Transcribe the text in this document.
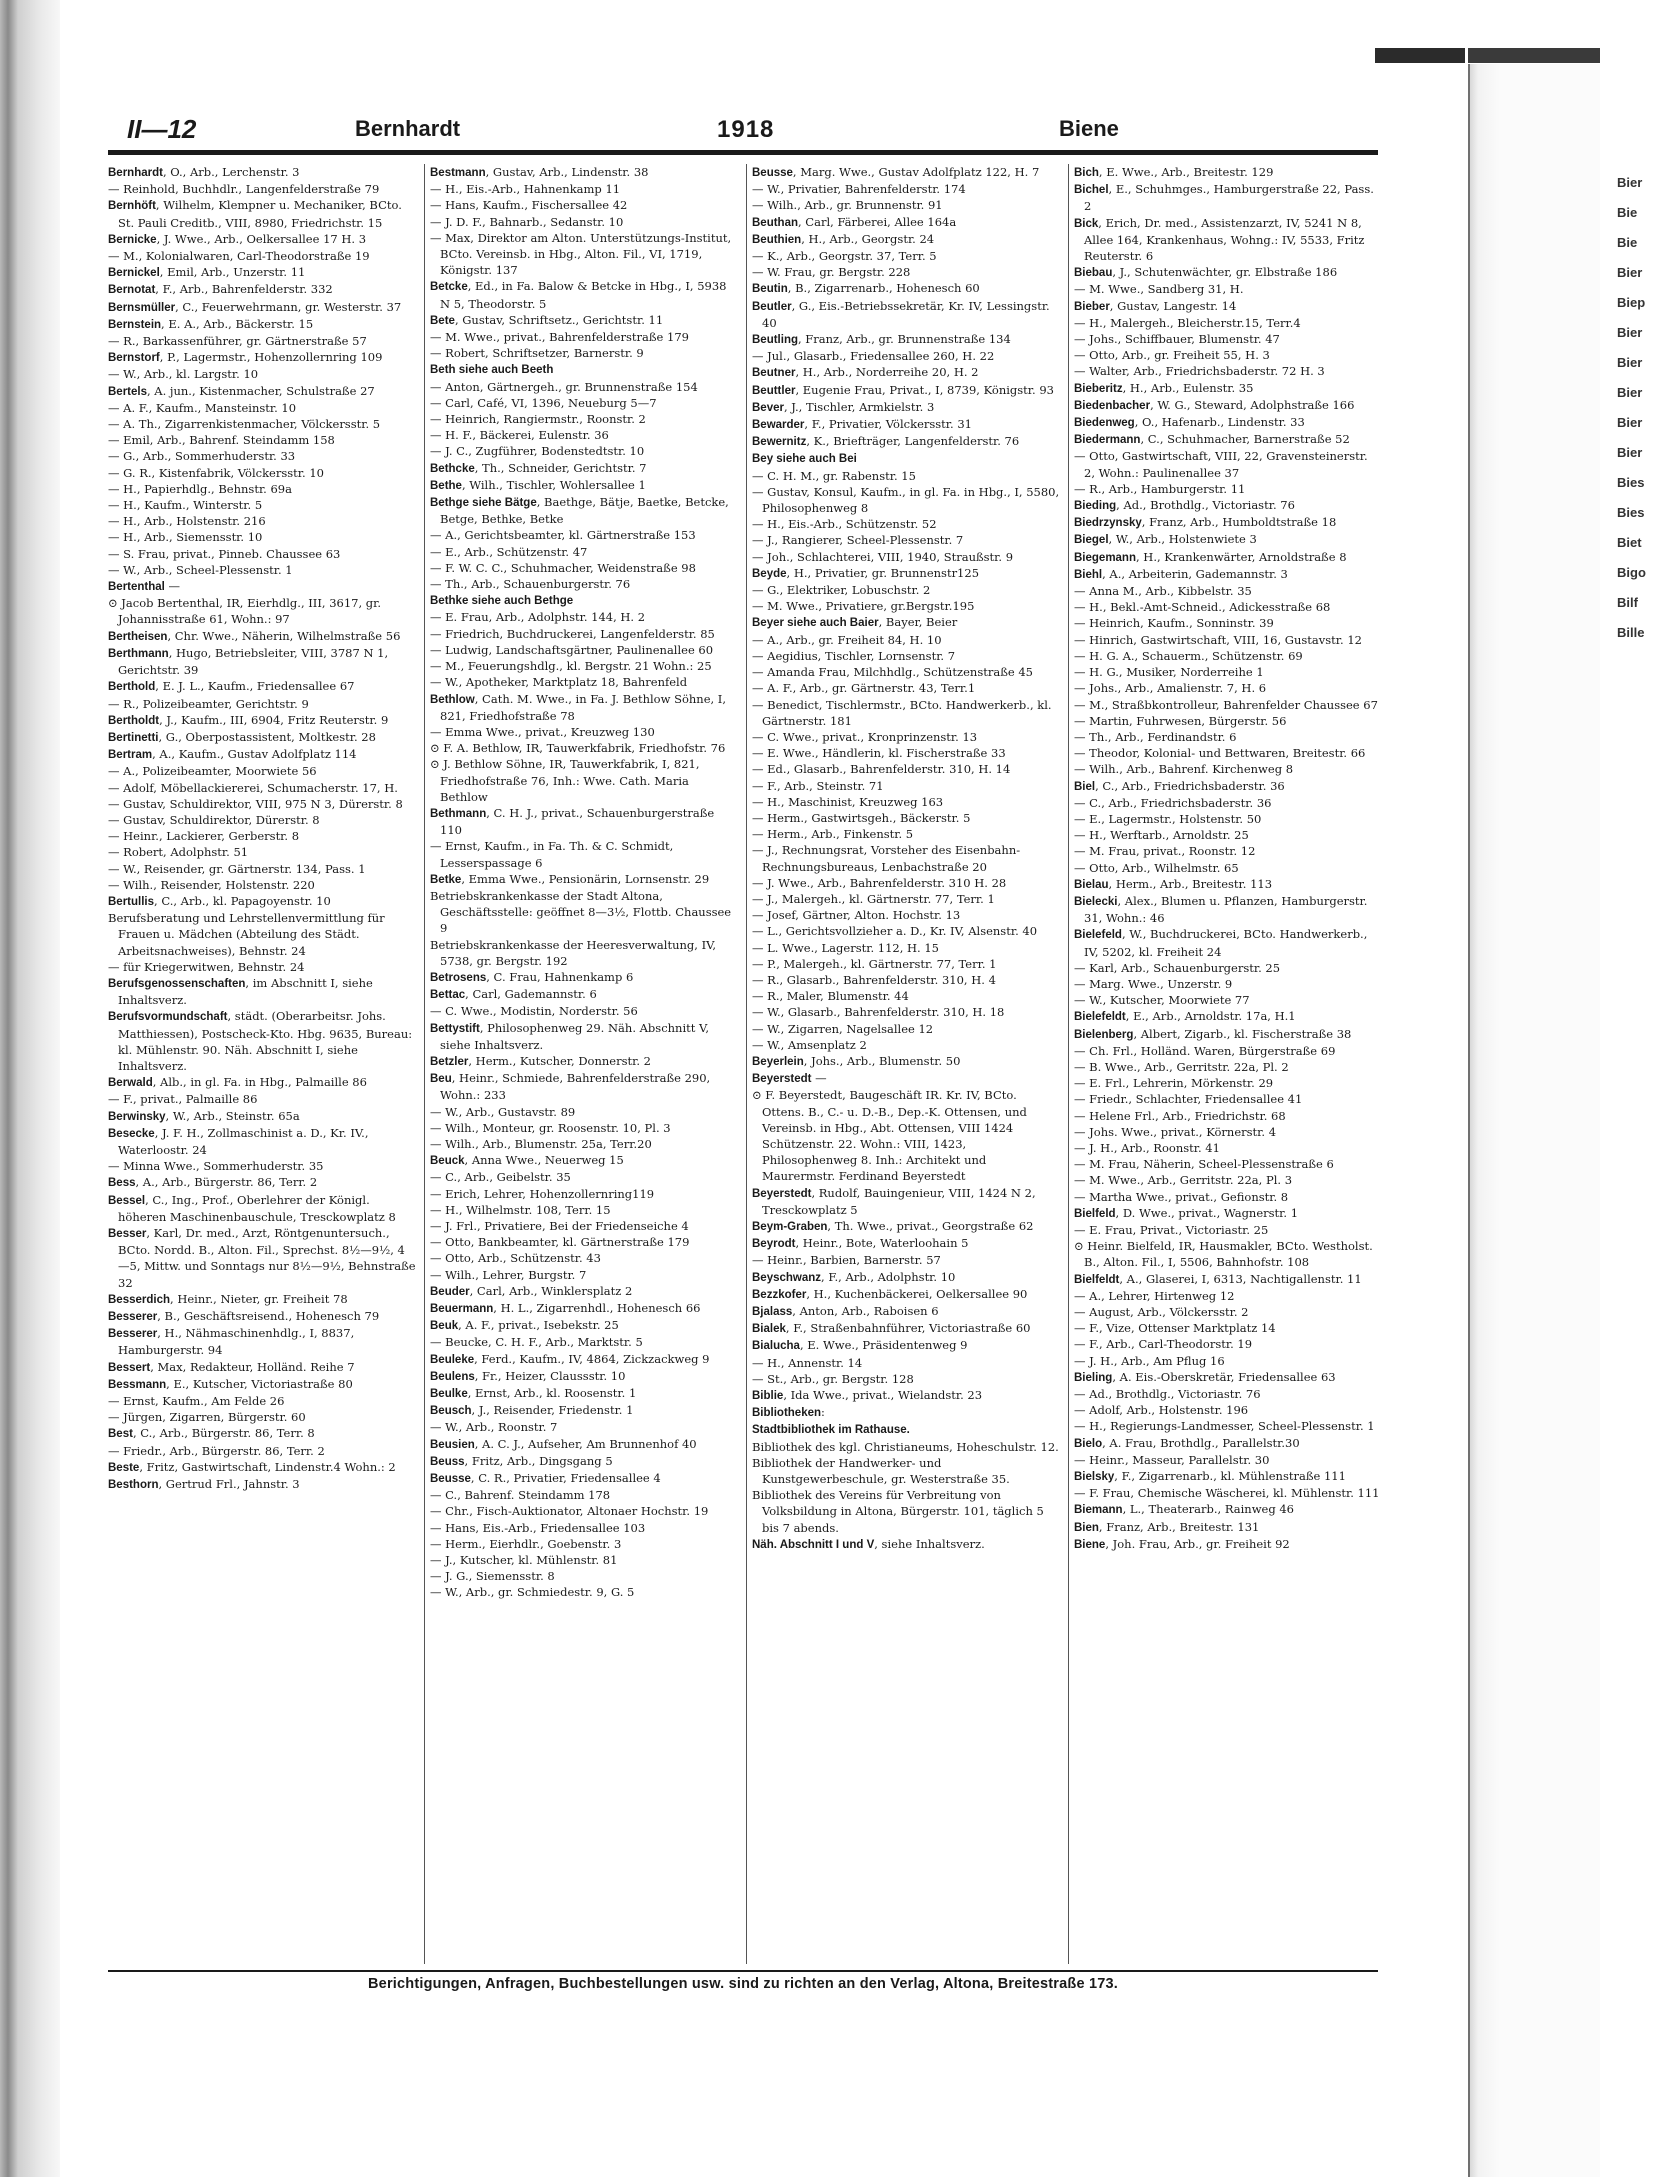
Bier
Bie
Bie
Bier
Biep
Bier
Bier
Bier
Bier
Bier
Bies
Bies
Biet
Bigo
Bilf
Bille
II—12	Bernhardt	1918	Biene

Bernhardt, O., Arb., Lerchenstr. 3

— Reinhold, Buchhdlr., Langenfelderstraße 79

Bernhöft, Wilhelm, Klempner u. Mechaniker, BCto. St. Pauli Creditb., VIII, 8980, Friedrichstr. 15

Bernicke, J. Wwe., Arb., Oelkersallee 17 H. 3

— M., Kolonialwaren, Carl-Theodorstraße 19

Bernickel, Emil, Arb., Unzerstr. 11

Bernotat, F., Arb., Bahrenfelderstr. 332

Bernsmüller, C., Feuerwehrmann, gr. Westerstr. 37

Bernstein, E. A., Arb., Bäckerstr. 15

— R., Barkassenführer, gr. Gärtnerstraße 57

Bernstorf, P., Lagermstr., Hohenzollernring 109

— W., Arb., kl. Largstr. 10

Bertels, A. jun., Kistenmacher, Schulstraße 27

— A. F., Kaufm., Mansteinstr. 10

— A. Th., Zigarrenkistenmacher, Völckersstr. 5

— Emil, Arb., Bahrenf. Steindamm 158

— G., Arb., Sommerhuderstr. 33

— G. R., Kistenfabrik, Völckersstr. 10

— H., Papierhdlg., Behnstr. 69a

— H., Kaufm., Winterstr. 5

— H., Arb., Holstenstr. 216

— H., Arb., Siemensstr. 10

— S. Frau, privat., Pinneb. Chaussee 63

— W., Arb., Scheel-Plessenstr. 1

Bertenthal —

⊙ Jacob Bertenthal, IR, Eierhdlg., III, 3617, gr. Johannisstraße 61, Wohn.: 97

Bertheisen, Chr. Wwe., Näherin, Wilhelmstraße 56

Berthmann, Hugo, Betriebsleiter, VIII, 3787 N 1, Gerichtstr. 39

Berthold, E. J. L., Kaufm., Friedensallee 67

— R., Polizeibeamter, Gerichtstr. 9

Bertholdt, J., Kaufm., III, 6904, Fritz Reuterstr. 9

Bertinetti, G., Oberpostassistent, Moltkestr. 28

Bertram, A., Kaufm., Gustav Adolfplatz 114

— A., Polizeibeamter, Moorwiete 56

— Adolf, Möbellackiererei, Schumacherstr. 17, H.

— Gustav, Schuldirektor, VIII, 975 N 3, Dürerstr. 8

— Gustav, Schuldirektor, Dürerstr. 8

— Heinr., Lackierer, Gerberstr. 8

— Robert, Adolphstr. 51

— W., Reisender, gr. Gärtnerstr. 134, Pass. 1

— Wilh., Reisender, Holstenstr. 220

Bertullis, C., Arb., kl. Papagoyenstr. 10

Berufsberatung und Lehrstellenvermittlung für Frauen u. Mädchen (Abteilung des Städt. Arbeitsnachweises), Behnstr. 24

— für Kriegerwitwen, Behnstr. 24

Berufsgenossenschaften, im Abschnitt I, siehe Inhaltsverz.

Berufsvormundschaft, städt. (Oberarbeitsr. Johs. Matthiessen), Postscheck-Kto. Hbg. 9635, Bureau: kl. Mühlenstr. 90. Näh. Abschnitt I, siehe Inhaltsverz.

Berwald, Alb., in gl. Fa. in Hbg., Palmaille 86

— F., privat., Palmaille 86

Berwinsky, W., Arb., Steinstr. 65a

Besecke, J. F. H., Zollmaschinist a. D., Kr. IV., Waterloostr. 24

— Minna Wwe., Sommerhuderstr. 35

Bess, A., Arb., Bürgerstr. 86, Terr. 2

Bessel, C., Ing., Prof., Oberlehrer der Königl. höheren Maschinenbauschule, Tresckowplatz 8

Besser, Karl, Dr. med., Arzt, Röntgenuntersuch., BCto. Nordd. B., Alton. Fil., Sprechst. 8½—9½, 4—5, Mittw. und Sonntags nur 8½—9½, Behnstraße 32

Besserdich, Heinr., Nieter, gr. Freiheit 78

Besserer, B., Geschäftsreisend., Hohenesch 79

Besserer, H., Nähmaschinenhdlg., I, 8837, Hamburgerstr. 94

Bessert, Max, Redakteur, Holländ. Reihe 7

Bessmann, E., Kutscher, Victoriastraße 80

— Ernst, Kaufm., Am Felde 26

— Jürgen, Zigarren, Bürgerstr. 60

Best, C., Arb., Bürgerstr. 86, Terr. 8

— Friedr., Arb., Bürgerstr. 86, Terr. 2

Beste, Fritz, Gastwirtschaft, Lindenstr.4 Wohn.: 2

Besthorn, Gertrud Frl., Jahnstr. 3

Bestmann, Gustav, Arb., Lindenstr. 38

— H., Eis.-Arb., Hahnenkamp 11

— Hans, Kaufm., Fischersallee 42

— J. D. F., Bahnarb., Sedanstr. 10

— Max, Direktor am Alton. Unterstützungs-Institut, BCto. Vereinsb. in Hbg., Alton. Fil., VI, 1719, Königstr. 137

Betcke, Ed., in Fa. Balow & Betcke in Hbg., I, 5938 N 5, Theodorstr. 5

Bete, Gustav, Schriftsetz., Gerichtstr. 11

— M. Wwe., privat., Bahrenfelderstraße 179

— Robert, Schriftsetzer, Barnerstr. 9

Beth siehe auch Beeth

— Anton, Gärtnergeh., gr. Brunnenstraße 154

— Carl, Café, VI, 1396, Neueburg 5—7

— Heinrich, Rangiermstr., Roonstr. 2

— H. F., Bäckerei, Eulenstr. 36

— J. C., Zugführer, Bodenstedtstr. 10

Bethcke, Th., Schneider, Gerichtstr. 7

Bethe, Wilh., Tischler, Wohlersallee 1

Bethge siehe Bätge, Baethge, Bätje, Baetke, Betcke, Betge, Bethke, Betke

— A., Gerichtsbeamter, kl. Gärtnerstraße 153

— E., Arb., Schützenstr. 47

— F. W. C. C., Schuhmacher, Weidenstraße 98

— Th., Arb., Schauenburgerstr. 76

Bethke siehe auch Bethge

— E. Frau, Arb., Adolphstr. 144, H. 2

— Friedrich, Buchdruckerei, Langenfelderstr. 85

— Ludwig, Landschaftsgärtner, Paulinenallee 60

— M., Feuerungshdlg., kl. Bergstr. 21 Wohn.: 25

— W., Apotheker, Marktplatz 18, Bahrenfeld

Bethlow, Cath. M. Wwe., in Fa. J. Bethlow Söhne, I, 821, Friedhofstraße 78

— Emma Wwe., privat., Kreuzweg 130

⊙ F. A. Bethlow, IR, Tauwerkfabrik, Friedhofstr. 76

⊙ J. Bethlow Söhne, IR, Tauwerkfabrik, I, 821, Friedhofstraße 76, Inh.: Wwe. Cath. Maria Bethlow

Bethmann, C. H. J., privat., Schauenburgerstraße 110

— Ernst, Kaufm., in Fa. Th. & C. Schmidt, Lesserspassage 6

Betke, Emma Wwe., Pensionärin, Lornsenstr. 29

Betriebskrankenkasse der Stadt Altona, Geschäftsstelle: geöffnet 8—3½, Flottb. Chaussee 9

Betriebskrankenkasse der Heeresverwaltung, IV, 5738, gr. Bergstr. 192

Betrosens, C. Frau, Hahnenkamp 6

Bettac, Carl, Gademannstr. 6

— C. Wwe., Modistin, Norderstr. 56

Bettystift, Philosophenweg 29. Näh. Abschnitt V, siehe Inhaltsverz.

Betzler, Herm., Kutscher, Donnerstr. 2

Beu, Heinr., Schmiede, Bahrenfelderstraße 290, Wohn.: 233

— W., Arb., Gustavstr. 89

— Wilh., Monteur, gr. Roosenstr. 10, Pl. 3

— Wilh., Arb., Blumenstr. 25a, Terr.20

Beuck, Anna Wwe., Neuerweg 15

— C., Arb., Geibelstr. 35

— Erich, Lehrer, Hohenzollernring119

— H., Wilhelmstr. 108, Terr. 15

— J. Frl., Privatiere, Bei der Friedenseiche 4

— Otto, Bankbeamter, kl. Gärtnerstraße 179

— Otto, Arb., Schützenstr. 43

— Wilh., Lehrer, Burgstr. 7

Beuder, Carl, Arb., Winklersplatz 2

Beuermann, H. L., Zigarrenhdl., Hohenesch 66

Beuk, A. F., privat., Isebekstr. 25

— Beucke, C. H. F., Arb., Marktstr. 5

Beuleke, Ferd., Kaufm., IV, 4864, Zickzackweg 9

Beulens, Fr., Heizer, Claussstr. 10

Beulke, Ernst, Arb., kl. Roosenstr. 1

Beusch, J., Reisender, Friedenstr. 1

— W., Arb., Roonstr. 7

Beusien, A. C. J., Aufseher, Am Brunnenhof 40

Beuss, Fritz, Arb., Dingsgang 5

Beusse, C. R., Privatier, Friedensallee 4

— C., Bahrenf. Steindamm 178

— Chr., Fisch-Auktionator, Altonaer Hochstr. 19

— Hans, Eis.-Arb., Friedensallee 103

— Herm., Eierhdlr., Goebenstr. 3

— J., Kutscher, kl. Mühlenstr. 81

— J. G., Siemensstr. 8

— W., Arb., gr. Schmiedestr. 9, G. 5

Beusse, Marg. Wwe., Gustav Adolfplatz 122, H. 7

— W., Privatier, Bahrenfelderstr. 174

— Wilh., Arb., gr. Brunnenstr. 91

Beuthan, Carl, Färberei, Allee 164a

Beuthien, H., Arb., Georgstr. 24

— K., Arb., Georgstr. 37, Terr. 5

— W. Frau, gr. Bergstr. 228

Beutin, B., Zigarrenarb., Hohenesch 60

Beutler, G., Eis.-Betriebssekretär, Kr. IV, Lessingstr. 40

Beutling, Franz, Arb., gr. Brunnenstraße 134

— Jul., Glasarb., Friedensallee 260, H. 22

Beutner, H., Arb., Norderreihe 20, H. 2

Beuttler, Eugenie Frau, Privat., I, 8739, Königstr. 93

Bever, J., Tischler, Armkielstr. 3

Bewarder, F., Privatier, Völckersstr. 31

Bewernitz, K., Briefträger, Langenfelderstr. 76

Bey siehe auch Bei

— C. H. M., gr. Rabenstr. 15

— Gustav, Konsul, Kaufm., in gl. Fa. in Hbg., I, 5580, Philosophenweg 8

— H., Eis.-Arb., Schützenstr. 52

— J., Rangierer, Scheel-Plessenstr. 7

— Joh., Schlachterei, VIII, 1940, Straußstr. 9

Beyde, H., Privatier, gr. Brunnenstr125

— G., Elektriker, Lobuschstr. 2

— M. Wwe., Privatiere, gr.Bergstr.195

Beyer siehe auch Baier, Bayer, Beier

— A., Arb., gr. Freiheit 84, H. 10

— Aegidius, Tischler, Lornsenstr. 7

— Amanda Frau, Milchhdlg., Schützenstraße 45

— A. F., Arb., gr. Gärtnerstr. 43, Terr.1

— Benedict, Tischlermstr., BCto. Handwerkerb., kl. Gärtnerstr. 181

— C. Wwe., privat., Kronprinzenstr. 13

— E. Wwe., Händlerin, kl. Fischerstraße 33

— Ed., Glasarb., Bahrenfelderstr. 310, H. 14

— F., Arb., Steinstr. 71

— H., Maschinist, Kreuzweg 163

— Herm., Gastwirtsgeh., Bäckerstr. 5

— Herm., Arb., Finkenstr. 5

— J., Rechnungsrat, Vorsteher des Eisenbahn-Rechnungsbureaus, Lenbachstraße 20

— J. Wwe., Arb., Bahrenfelderstr. 310 H. 28

— J., Malergeh., kl. Gärtnerstr. 77, Terr. 1

— Josef, Gärtner, Alton. Hochstr. 13

— L., Gerichtsvollzieher a. D., Kr. IV, Alsenstr. 40

— L. Wwe., Lagerstr. 112, H. 15

— P., Malergeh., kl. Gärtnerstr. 77, Terr. 1

— R., Glasarb., Bahrenfelderstr. 310, H. 4

— R., Maler, Blumenstr. 44

— W., Glasarb., Bahrenfelderstr. 310, H. 18

— W., Zigarren, Nagelsallee 12

— W., Amsenplatz 2

Beyerlein, Johs., Arb., Blumenstr. 50

Beyerstedt —

⊙ F. Beyerstedt, Baugeschäft IR. Kr. IV, BCto. Ottens. B., C.- u. D.-B., Dep.-K. Ottensen, und Vereinsb. in Hbg., Abt. Ottensen, VIII 1424 Schützenstr. 22. Wohn.: VIII, 1423, Philosophenweg 8. Inh.: Architekt und Maurermstr. Ferdinand Beyerstedt

Beyerstedt, Rudolf, Bauingenieur, VIII, 1424 N 2, Tresckowplatz 5

Beym-Graben, Th. Wwe., privat., Georgstraße 62

Beyrodt, Heinr., Bote, Waterloohain 5

— Heinr., Barbien, Barnerstr. 57

Beyschwanz, F., Arb., Adolphstr. 10

Bezzkofer, H., Kuchenbäckerei, Oelkersallee 90

Bjalass, Anton, Arb., Raboisen 6

Bialek, F., Straßenbahnführer, Victoriastraße 60

Bialucha, E. Wwe., Präsidentenweg 9

— H., Annenstr. 14

— St., Arb., gr. Bergstr. 128

Biblie, Ida Wwe., privat., Wielandstr. 23

Bibliotheken:

Stadtbibliothek im Rathause.

Bibliothek des kgl. Christianeums, Hoheschulstr. 12.

Bibliothek der Handwerker- und Kunstgewerbeschule, gr. Westerstraße 35.

Bibliothek des Vereins für Verbreitung von Volksbildung in Altona, Bürgerstr. 101, täglich 5 bis 7 abends.

Näh. Abschnitt I und V, siehe Inhaltsverz.

Bich, E. Wwe., Arb., Breitestr. 129

Bichel, E., Schuhmges., Hamburgerstraße 22, Pass. 2

Bick, Erich, Dr. med., Assistenzarzt, IV, 5241 N 8, Allee 164, Krankenhaus, Wohng.: IV, 5533, Fritz Reuterstr. 6

Biebau, J., Schutenwächter, gr. Elbstraße 186

— M. Wwe., Sandberg 31, H.

Bieber, Gustav, Langestr. 14

— H., Malergeh., Bleicherstr.15, Terr.4

— Johs., Schiffbauer, Blumenstr. 47

— Otto, Arb., gr. Freiheit 55, H. 3

— Walter, Arb., Friedrichsbaderstr. 72 H. 3

Bieberitz, H., Arb., Eulenstr. 35

Biedenbacher, W. G., Steward, Adolphstraße 166

Biedenweg, O., Hafenarb., Lindenstr. 33

Biedermann, C., Schuhmacher, Barnerstraße 52

— Otto, Gastwirtschaft, VIII, 22, Gravensteinerstr. 2, Wohn.: Paulinenallee 37

— R., Arb., Hamburgerstr. 11

Bieding, Ad., Brothdlg., Victoriastr. 76

Biedrzynsky, Franz, Arb., Humboldtstraße 18

Biegel, W., Arb., Holstenwiete 3

Biegemann, H., Krankenwärter, Arnoldstraße 8

Biehl, A., Arbeiterin, Gademannstr. 3

— Anna M., Arb., Kibbelstr. 35

— H., Bekl.-Amt-Schneid., Adickesstraße 68

— Heinrich, Kaufm., Sonninstr. 39

— Hinrich, Gastwirtschaft, VIII, 16, Gustavstr. 12

— H. G. A., Schauerm., Schützenstr. 69

— H. G., Musiker, Norderreihe 1

— Johs., Arb., Amalienstr. 7, H. 6

— M., Straßbkontrolleur, Bahrenfelder Chaussee 67

— Martin, Fuhrwesen, Bürgerstr. 56

— Th., Arb., Ferdinandstr. 6

— Theodor, Kolonial- und Bettwaren, Breitestr. 66

— Wilh., Arb., Bahrenf. Kirchenweg 8

Biel, C., Arb., Friedrichsbaderstr. 36

— C., Arb., Friedrichsbaderstr. 36

— E., Lagermstr., Holstenstr. 50

— H., Werftarb., Arnoldstr. 25

— M. Frau, privat., Roonstr. 12

— Otto, Arb., Wilhelmstr. 65

Bielau, Herm., Arb., Breitestr. 113

Bielecki, Alex., Blumen u. Pflanzen, Hamburgerstr. 31, Wohn.: 46

Bielefeld, W., Buchdruckerei, BCto. Handwerkerb., IV, 5202, kl. Freiheit 24

— Karl, Arb., Schauenburgerstr. 25

— Marg. Wwe., Unzerstr. 9

— W., Kutscher, Moorwiete 77

Bielefeldt, E., Arb., Arnoldstr. 17a, H.1

Bielenberg, Albert, Zigarb., kl. Fischerstraße 38

— Ch. Frl., Holländ. Waren, Bürgerstraße 69

— B. Wwe., Arb., Gerritstr. 22a, Pl. 2

— E. Frl., Lehrerin, Mörkenstr. 29

— Friedr., Schlachter, Friedensallee 41

— Helene Frl., Arb., Friedrichstr. 68

— Johs. Wwe., privat., Körnerstr. 4

— J. H., Arb., Roonstr. 41

— M. Frau, Näherin, Scheel-Plessenstraße 6

— M. Wwe., Arb., Gerritstr. 22a, Pl. 3

— Martha Wwe., privat., Gefionstr. 8

Bielfeld, D. Wwe., privat., Wagnerstr. 1

— E. Frau, Privat., Victoriastr. 25

⊙ Heinr. Bielfeld, IR, Hausmakler, BCto. Westholst. B., Alton. Fil., I, 5506, Bahnhofstr. 108

Bielfeldt, A., Glaserei, I, 6313, Nachtigallenstr. 11

— A., Lehrer, Hirtenweg 12

— August, Arb., Völckersstr. 2

— F., Vize, Ottenser Marktplatz 14

— F., Arb., Carl-Theodorstr. 19

— J. H., Arb., Am Pflug 16

Bieling, A. Eis.-Oberskretär, Friedensallee 63

— Ad., Brothdlg., Victoriastr. 76

— Adolf, Arb., Holstenstr. 196

— H., Regierungs-Landmesser, Scheel-Plessenstr. 1

Bielo, A. Frau, Brothdlg., Parallelstr.30

— Heinr., Masseur, Parallelstr. 30

Bielsky, F., Zigarrenarb., kl. Mühlenstraße 111

— F. Frau, Chemische Wäscherei, kl. Mühlenstr. 111

Biemann, L., Theaterarb., Rainweg 46

Bien, Franz, Arb., Breitestr. 131

Biene, Joh. Frau, Arb., gr. Freiheit 92

Berichtigungen, Anfragen, Buchbestellungen usw. sind zu richten an den Verlag, Altona, Breitestraße 173.
